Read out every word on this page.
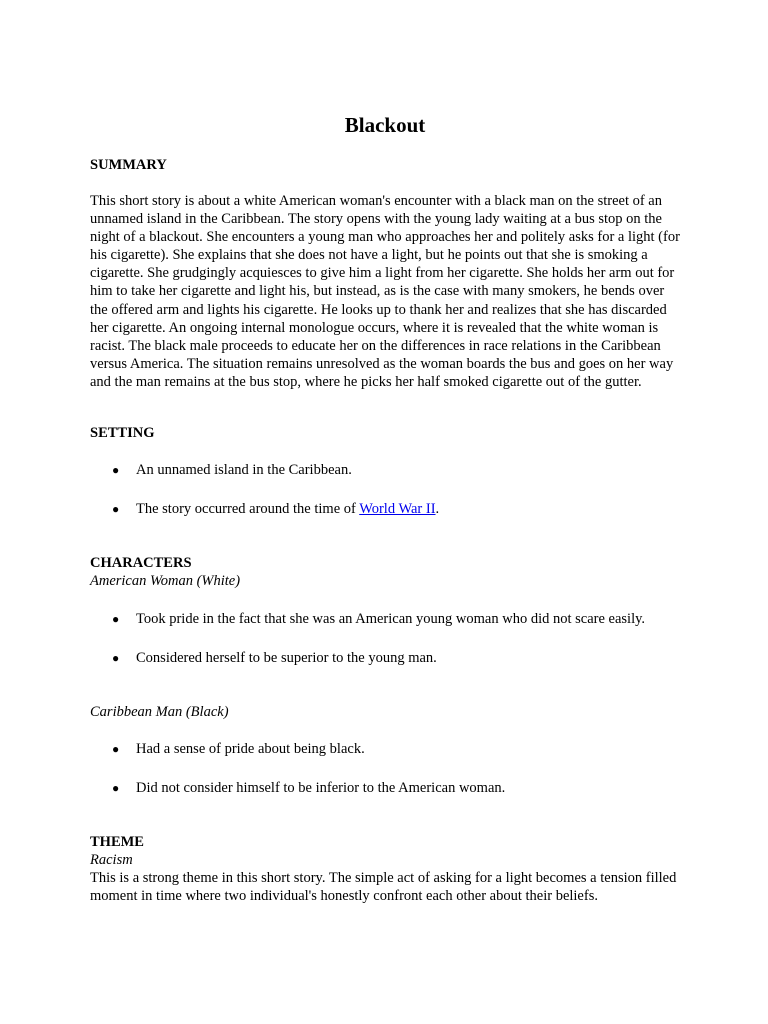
Blackout
SUMMARY

This short story is about a white American woman's encounter with a black man on the street of an unnamed island in the Caribbean. The story opens with the young lady waiting at a bus stop on the night of a blackout. She encounters a young man who approaches her and politely asks for a light (for his cigarette). She explains that she does not have a light, but he points out that she is smoking a cigarette. She grudgingly acquiesces to give him a light from her cigarette. She holds her arm out for him to take her cigarette and light his, but instead, as is the case with many smokers, he bends over the offered arm and lights his cigarette. He looks up to thank her and realizes that she has discarded her cigarette. An ongoing internal monologue occurs, where it is revealed that the white woman is racist. The black male proceeds to educate her on the differences in race relations in the Caribbean versus America. The situation remains unresolved as the woman boards the bus and goes on her way and the man remains at the bus stop, where he picks her half smoked cigarette out of the gutter.

SETTING
●	An unnamed island in the Caribbean.
●	The story occurred around the time of World War II.
CHARACTERS

American Woman (White)

●	Took pride in the fact that she was an American young woman who did not scare easily.
●	Considered herself to be superior to the young man.

Caribbean Man (Black)

●	Had a sense of pride about being black.
●	Did not consider himself to be inferior to the American woman.
THEME

Racism

This is a strong theme in this short story. The simple act of asking for a light becomes a tension filled moment in time where two individual's honestly confront each other about their beliefs.
